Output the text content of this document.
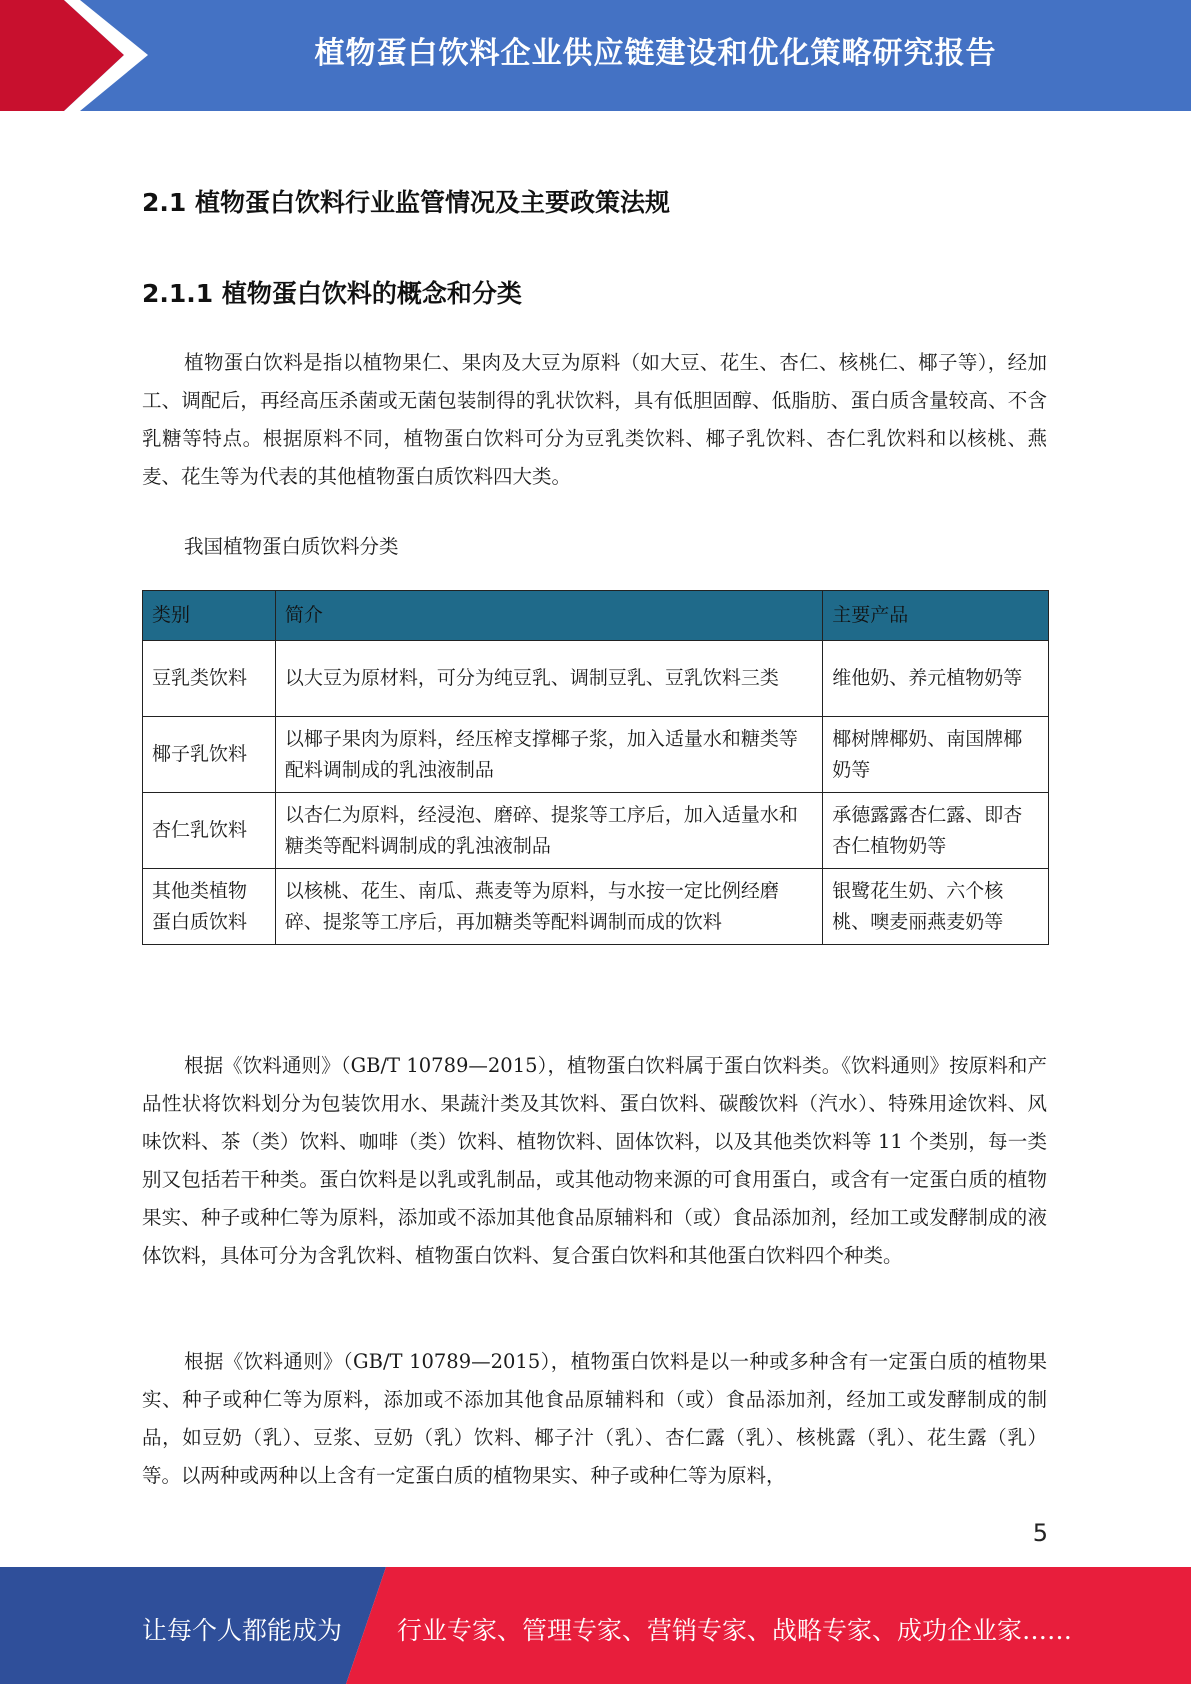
植物蛋白饮料企业供应链建设和优化策略研究报告
2.1 植物蛋白饮料行业监管情况及主要政策法规
2.1.1 植物蛋白饮料的概念和分类

植物蛋白饮料是指以植物果仁、果肉及大豆为原料（如大豆、花生、杏仁、核桃仁、椰子等），经加工、调配后，再经高压杀菌或无菌包装制得的乳状饮料，具有低胆固醇、低脂肪、蛋白质含量较高、不含乳糖等特点。根据原料不同，植物蛋白饮料可分为豆乳类饮料、椰子乳饮料、杏仁乳饮料和以核桃、燕麦、花生等为代表的其他植物蛋白质饮料四大类。

我国植物蛋白质饮料分类
类别	简介	主要产品
豆乳类饮料	以大豆为原材料，可分为纯豆乳、调制豆乳、豆乳饮料三类	维他奶、养元植物奶等
椰子乳饮料	以椰子果肉为原料，经压榨支撑椰子浆，加入适量水和糖类等配料调制成的乳浊液制品	椰树牌椰奶、南国牌椰奶等
杏仁乳饮料	以杏仁为原料，经浸泡、磨碎、提浆等工序后，加入适量水和糖类等配料调制成的乳浊液制品	承德露露杏仁露、即杏杏仁植物奶等
其他类植物蛋白质饮料	以核桃、花生、南瓜、燕麦等为原料，与水按一定比例经磨碎、提浆等工序后，再加糖类等配料调制而成的饮料	银鹭花生奶、六个核桃、噢麦丽燕麦奶等

根据《饮料通则》（GB/T 10789—2015），植物蛋白饮料属于蛋白饮料类。《饮料通则》按原料和产品性状将饮料划分为包装饮用水、果蔬汁类及其饮料、蛋白饮料、碳酸饮料（汽水）、特殊用途饮料、风味饮料、茶（类）饮料、咖啡（类）饮料、植物饮料、固体饮料，以及其他类饮料等 11 个类别，每一类别又包括若干种类。蛋白饮料是以乳或乳制品，或其他动物来源的可食用蛋白，或含有一定蛋白质的植物果实、种子或种仁等为原料，添加或不添加其他食品原辅料和（或）食品添加剂，经加工或发酵制成的液体饮料，具体可分为含乳饮料、植物蛋白饮料、复合蛋白饮料和其他蛋白饮料四个种类。

根据《饮料通则》（GB/T 10789—2015），植物蛋白饮料是以一种或多种含有一定蛋白质的植物果实、种子或种仁等为原料，添加或不添加其他食品原辅料和（或）食品添加剂，经加工或发酵制成的制品，如豆奶（乳）、豆浆、豆奶（乳）饮料、椰子汁（乳）、杏仁露（乳）、核桃露（乳）、花生露（乳）等。以两种或两种以上含有一定蛋白质的植物果实、种子或种仁等为原料，

5
让每个人都能成为 行业专家、管理专家、营销专家、战略专家、成功企业家……
